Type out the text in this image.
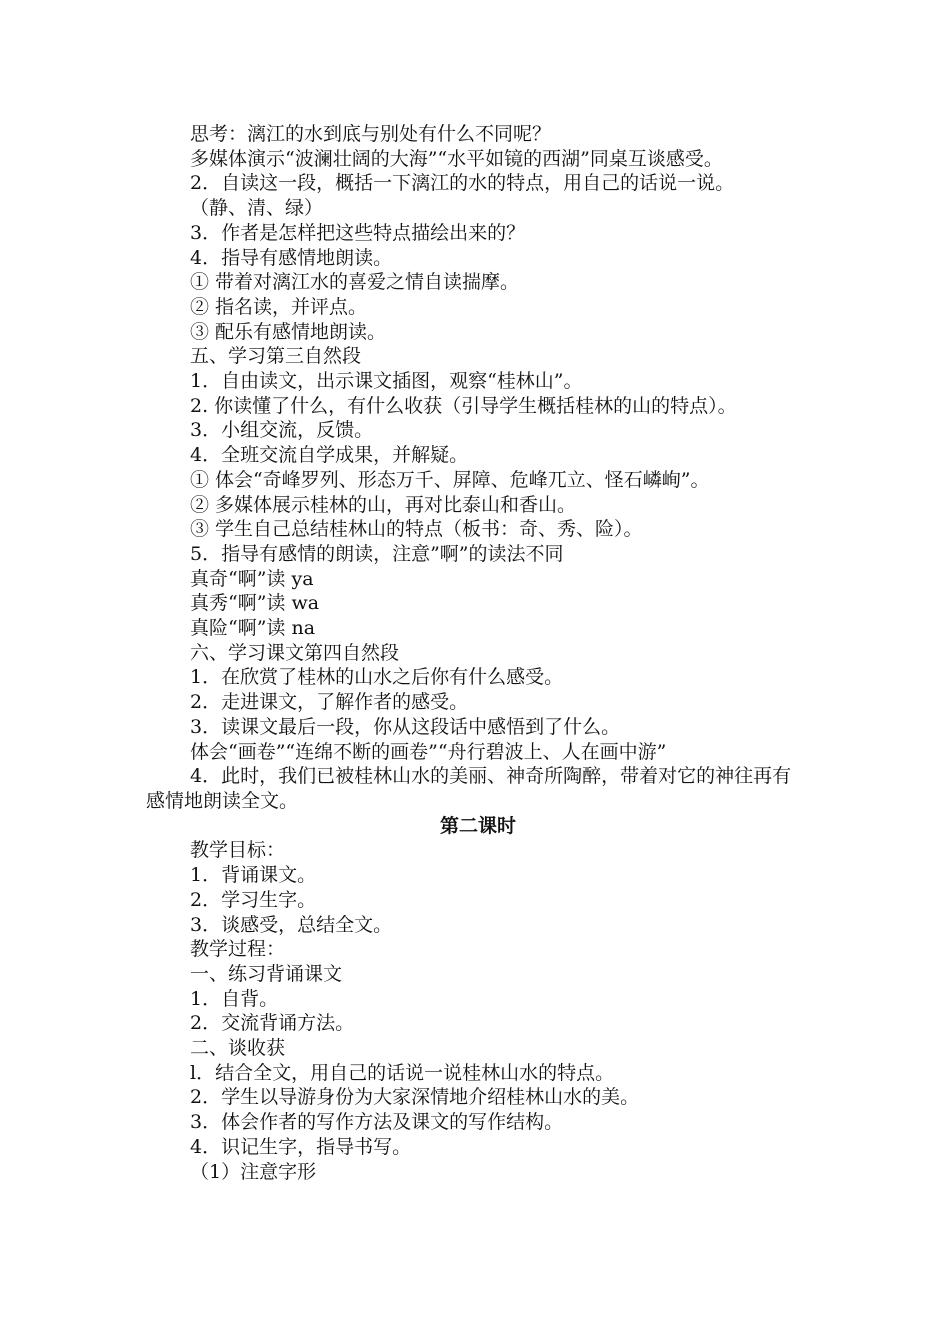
思考：漓江的水到底与别处有什么不同呢？

多媒体演示“波澜壮阔的大海”“水平如镜的西湖”同桌互谈感受。

2．自读这一段，概括一下漓江的水的特点，用自己的话说一说。

（静、清、绿）

3．作者是怎样把这些特点描绘出来的？

4．指导有感情地朗读。

① 带着对漓江水的喜爱之情自读揣摩。

② 指名读，并评点。

③ 配乐有感情地朗读。

五、学习第三自然段

1．自由读文，出示课文插图，观察“桂林山”。

2. 你读懂了什么，有什么收获（引导学生概括桂林的山的特点）。

3．小组交流，反馈。

4．全班交流自学成果，并解疑。

① 体会“奇峰罗列、形态万千、屏障、危峰兀立、怪石嶙峋”。

② 多媒体展示桂林的山，再对比泰山和香山。

③ 学生自己总结桂林山的特点（板书：奇、秀、险）。

5．指导有感情的朗读，注意”啊”的读法不同

真奇“啊”读 ya

真秀“啊”读 wa

真险“啊”读 na

六、学习课文第四自然段

1．在欣赏了桂林的山水之后你有什么感受。

2．走进课文，了解作者的感受。

3．读课文最后一段，你从这段话中感悟到了什么。

体会“画卷”“连绵不断的画卷”“舟行碧波上、人在画中游”

4．此时，我们已被桂林山水的美丽、神奇所陶醉，带着对它的神往再有感情地朗读全文。

第二课时

教学目标：

1．背诵课文。

2．学习生字。

3．谈感受，总结全文。

教学过程：

一、练习背诵课文

1．自背。

2．交流背诵方法。

二、谈收获

l．结合全文，用自己的话说一说桂林山水的特点。

2．学生以导游身份为大家深情地介绍桂林山水的美。

3．体会作者的写作方法及课文的写作结构。

4．识记生字，指导书写。

（1）注意字形
